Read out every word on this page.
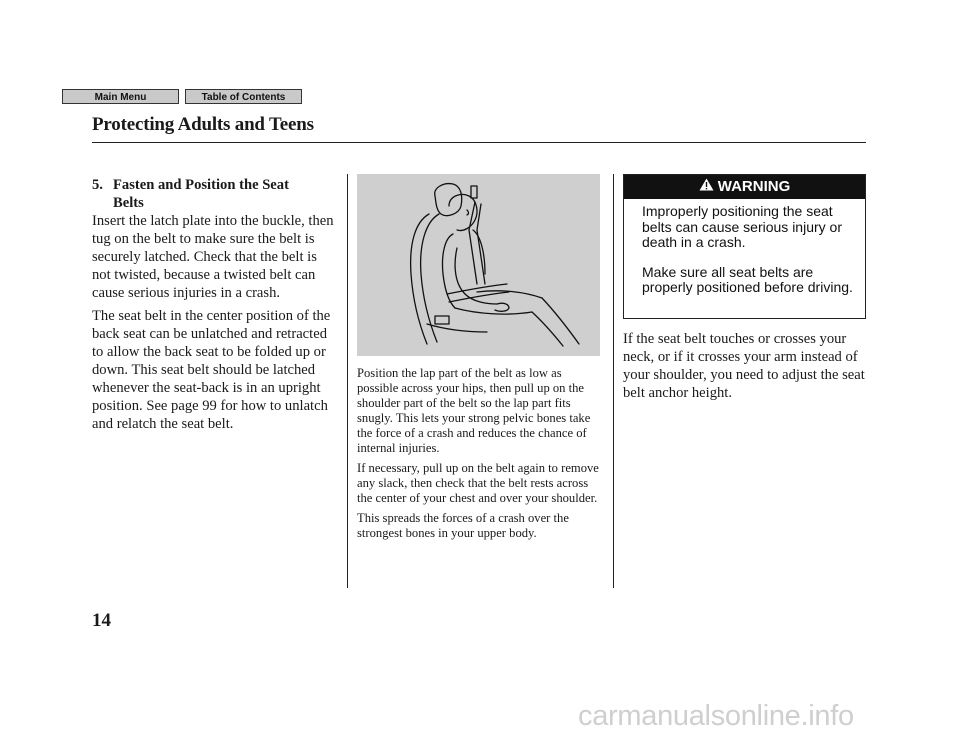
Main Menu	Table of Contents
Protecting Adults and Teens
5. Fasten and Position the Seat
Belts

Insert the latch plate into the buckle, then tug on the belt to make sure the belt is securely latched. Check that the belt is not twisted, because a twisted belt can cause serious injuries in a crash.

The seat belt in the center position of the back seat can be unlatched and retracted to allow the back seat to be folded up or down. This seat belt should be latched whenever the seat-back is in an upright position. See page 99 for how to unlatch and relatch the seat belt.

Position the lap part of the belt as low as possible across your hips, then pull up on the shoulder part of the belt so the lap part fits snugly. This lets your strong pelvic bones take the force of a crash and reduces the chance of internal injuries.

If necessary, pull up on the belt again to remove any slack, then check that the belt rests across the center of your chest and over your shoulder.

This spreads the forces of a crash over the strongest bones in your upper body.

WARNING

Improperly positioning the seat belts can cause serious injury or death in a crash.

Make sure all seat belts are properly positioned before driving.

If the seat belt touches or crosses your neck, or if it crosses your arm instead of your shoulder, you need to adjust the seat belt anchor height.

14
carmanualsonline.info
